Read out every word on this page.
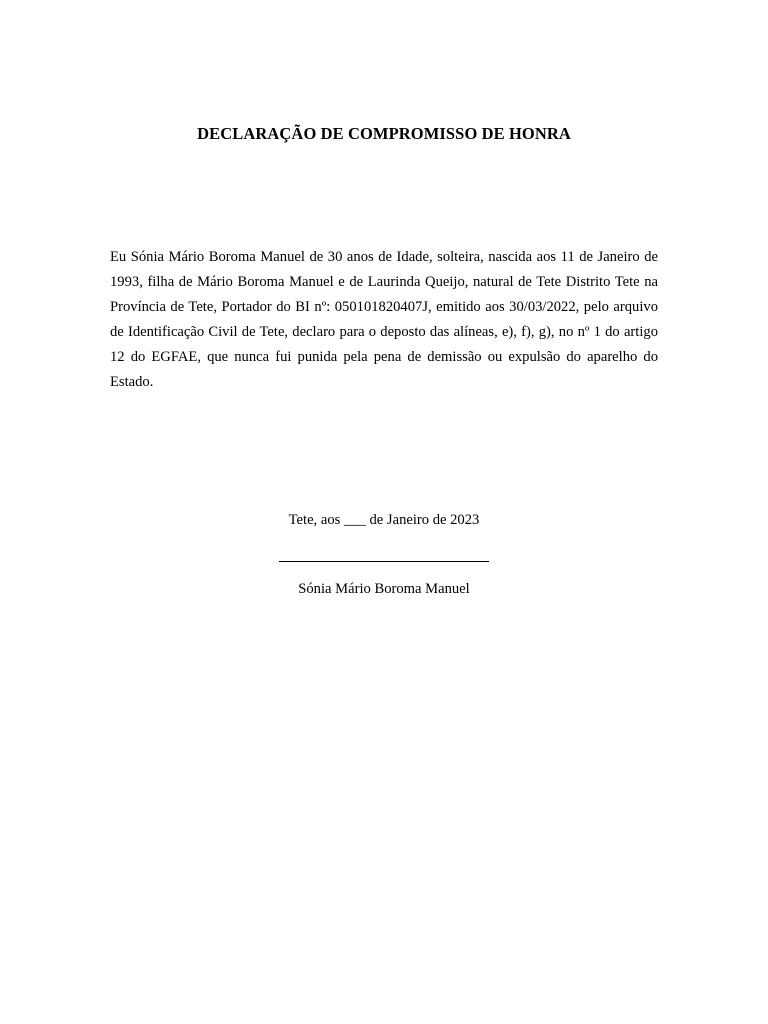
DECLARAÇÃO DE COMPROMISSO DE HONRA

Eu Sónia Mário Boroma Manuel de 30 anos de Idade, solteira, nascida aos 11 de Janeiro de 1993, filha de Mário Boroma Manuel e de Laurinda Queijo, natural de Tete Distrito Tete na Província de Tete, Portador do BI nº: 050101820407J, emitido aos 30/03/2022, pelo arquivo de Identificação Civil de Tete, declaro para o deposto das alíneas, e), f), g), no nº 1 do artigo 12 do EGFAE, que nunca fui punida pela pena de demissão ou expulsão do aparelho do Estado.

Tete, aos ___ de Janeiro de 2023

Sónia Mário Boroma Manuel
